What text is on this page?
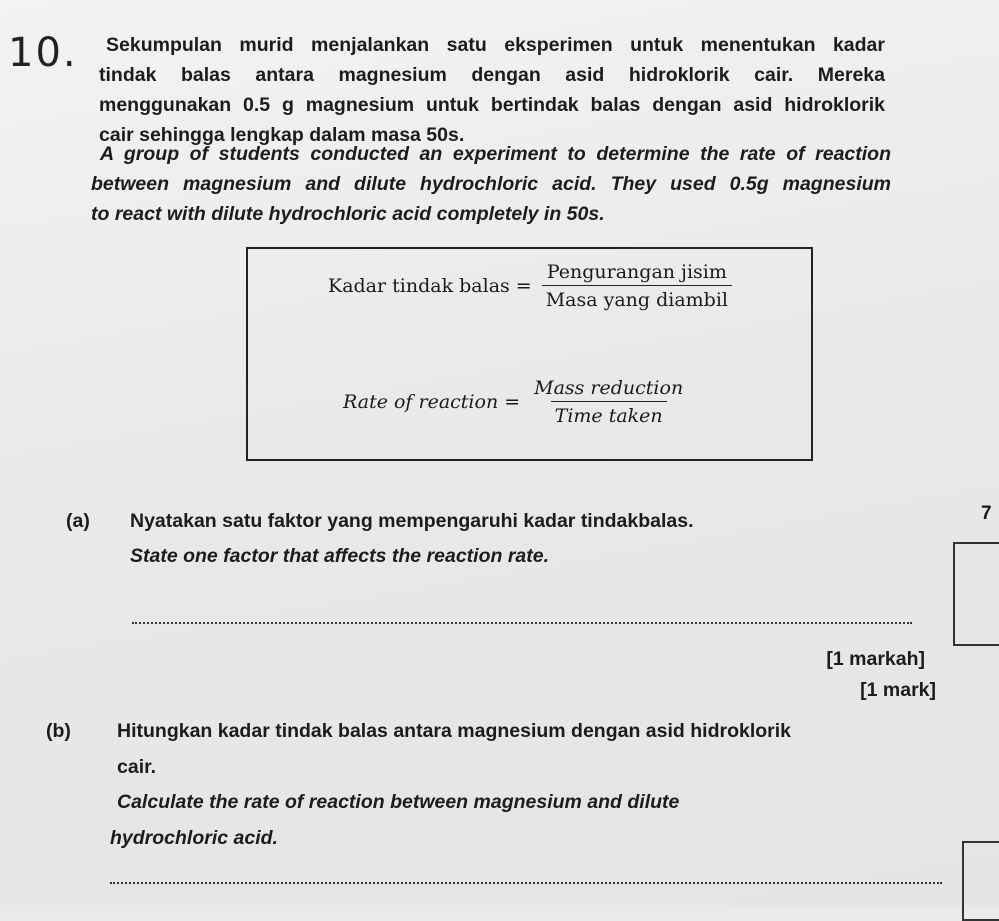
10.	Sekumpulan murid menjalankan satu eksperimen untuk menentukan kadar
tindak balas antara magnesium dengan asid hidroklorik cair. Mereka
menggunakan 0.5 g magnesium untuk bertindak balas dengan asid hidroklorik
cair sehingga lengkap dalam masa 50s.
A group of students conducted an experiment to determine the rate of reaction
between magnesium and dilute hydrochloric acid. They used 0.5g magnesium
to react with dilute hydrochloric acid completely in 50s.
Kadar tindak balas = $\frac{\text{Pengurangan jisim}}{\text{Masa yang diambil}}$
Rate of reaction = $\frac{\text{Mass reduction}}{\text{Time taken}}$
(a) Nyatakan satu faktor yang mempengaruhi kadar tindakbalas.
State one factor that affects the reaction rate.
[1 markah]
[1 mark]
(b) Hitungkan kadar tindak balas antara magnesium dengan asid hidroklorik
cair.
Calculate the rate of reaction between magnesium and dilute
hydrochloric acid.
7
